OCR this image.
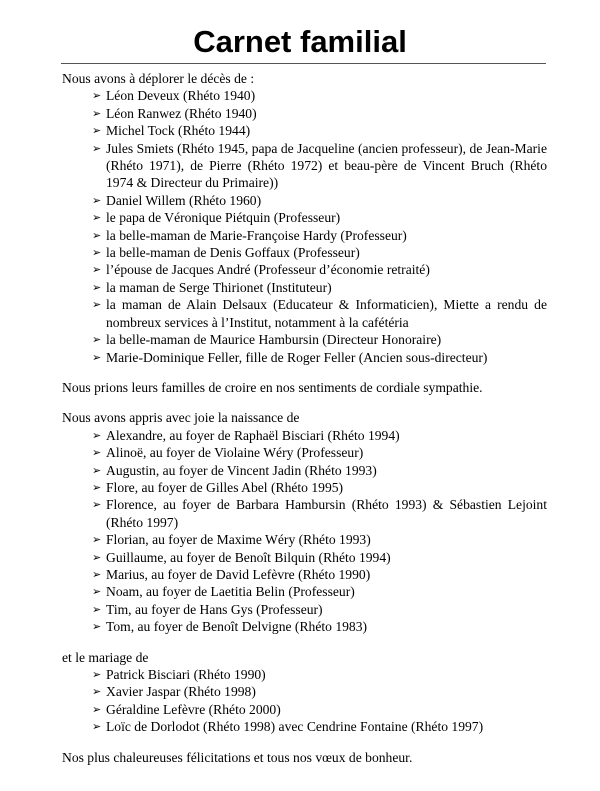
Carnet familial

Nous avons à déplorer le décès de :

➢ Léon Deveux (Rhéto 1940)
➢ Léon Ranwez (Rhéto 1940)
➢ Michel Tock (Rhéto 1944)
➢ Jules Smiets (Rhéto 1945, papa de Jacqueline (ancien professeur), de Jean-Marie (Rhéto 1971), de Pierre (Rhéto 1972) et beau-père de Vincent Bruch (Rhéto 1974 & Directeur du Primaire))
➢ Daniel Willem (Rhéto 1960)
➢ le papa de Véronique Piétquin (Professeur)
➢ la belle-maman de Marie-Françoise Hardy (Professeur)
➢ la belle-maman de Denis Goffaux (Professeur)
➢ l’épouse de Jacques André (Professeur d’économie retraité)
➢ la maman de Serge Thirionet (Instituteur)
➢ la maman de Alain Delsaux (Educateur & Informaticien), Miette a rendu de nombreux services à l’Institut, notamment à la cafétéria
➢ la belle-maman de Maurice Hambursin (Directeur Honoraire)
➢ Marie-Dominique Feller, fille de Roger Feller (Ancien sous-directeur)

Nous prions leurs familles de croire en nos sentiments de cordiale sympathie.

Nous avons appris avec joie la naissance de

➢ Alexandre, au foyer de Raphaël Bisciari (Rhéto 1994)
➢ Alinoë, au foyer de Violaine Wéry (Professeur)
➢ Augustin, au foyer de Vincent Jadin (Rhéto 1993)
➢ Flore, au foyer de Gilles Abel (Rhéto 1995)
➢ Florence, au foyer de Barbara Hambursin (Rhéto 1993) & Sébastien Lejoint (Rhéto 1997)
➢ Florian, au foyer de Maxime Wéry (Rhéto 1993)
➢ Guillaume, au foyer de Benoît Bilquin (Rhéto 1994)
➢ Marius, au foyer de David Lefèvre (Rhéto 1990)
➢ Noam, au foyer de Laetitia Belin (Professeur)
➢ Tim, au foyer de Hans Gys (Professeur)
➢ Tom, au foyer de Benoît Delvigne (Rhéto 1983)

et le mariage de

➢ Patrick Bisciari (Rhéto 1990)
➢ Xavier Jaspar (Rhéto 1998)
➢ Géraldine Lefèvre (Rhéto 2000)
➢ Loïc de Dorlodot (Rhéto 1998) avec Cendrine Fontaine (Rhéto 1997)

Nos plus chaleureuses félicitations et tous nos vœux de bonheur.
